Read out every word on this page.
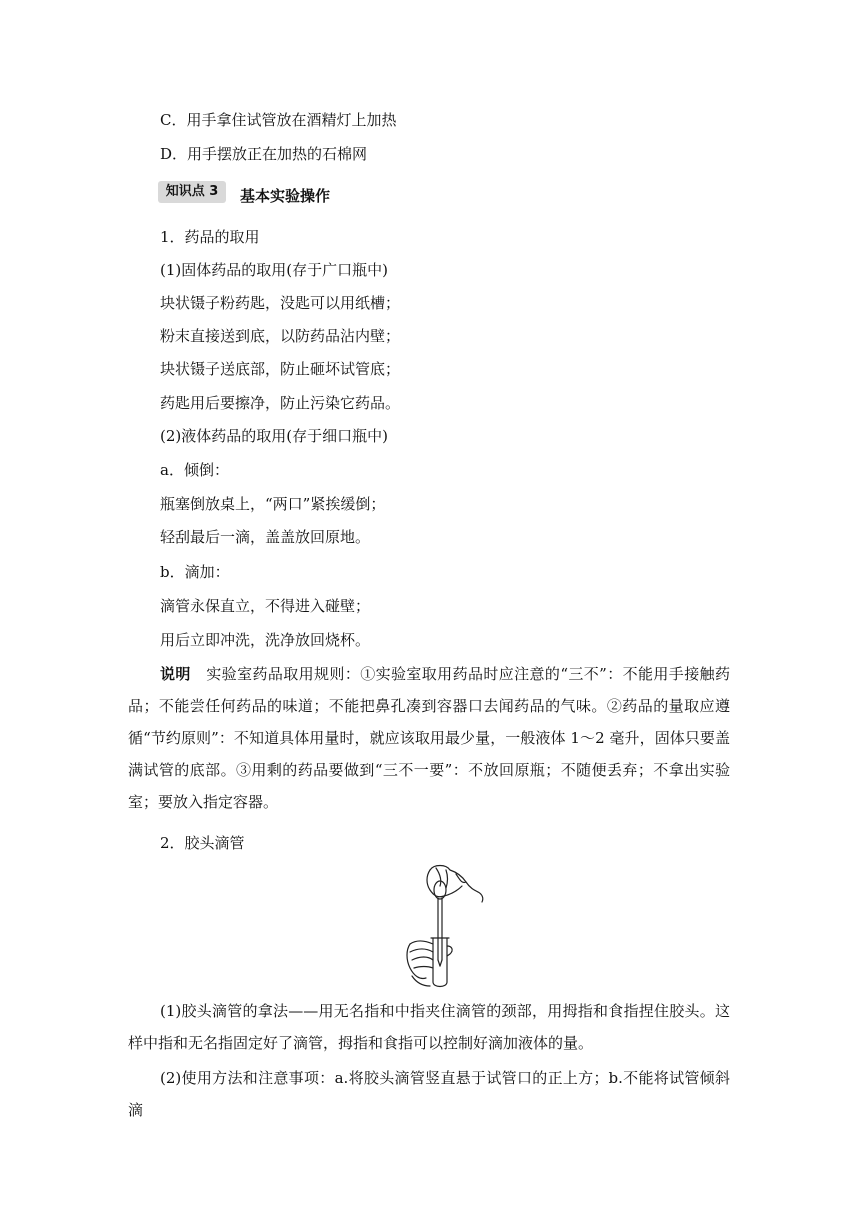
C．用手拿住试管放在酒精灯上加热
D．用手摆放正在加热的石棉网
知识点 3	基本实验操作
1．药品的取用
(1)固体药品的取用(存于广口瓶中)
块状镊子粉药匙，没匙可以用纸槽；
粉末直接送到底，以防药品沾内壁；
块状镊子送底部，防止砸坏试管底；
药匙用后要擦净，防止污染它药品。
(2)液体药品的取用(存于细口瓶中)
a．倾倒：
瓶塞倒放桌上，“两口”紧挨缓倒；
轻刮最后一滴，盖盖放回原地。
b．滴加：
滴管永保直立，不得进入碰壁；
用后立即冲洗，洗净放回烧杯。
说明 实验室药品取用规则：①实验室取用药品时应注意的“三不”：不能用手接触药品；不能尝任何药品的味道；不能把鼻孔凑到容器口去闻药品的气味。②药品的量取应遵循“节约原则”：不知道具体用量时，就应该取用最少量，一般液体 1～2 毫升，固体只要盖满试管的底部。③用剩的药品要做到“三不一要”：不放回原瓶；不随便丢弃；不拿出实验室；要放入指定容器。
2．胶头滴管
(1)胶头滴管的拿法——用无名指和中指夹住滴管的颈部，用拇指和食指捏住胶头。这样中指和无名指固定好了滴管，拇指和食指可以控制好滴加液体的量。
(2)使用方法和注意事项：a.将胶头滴管竖直悬于试管口的正上方；b.不能将试管倾斜滴
